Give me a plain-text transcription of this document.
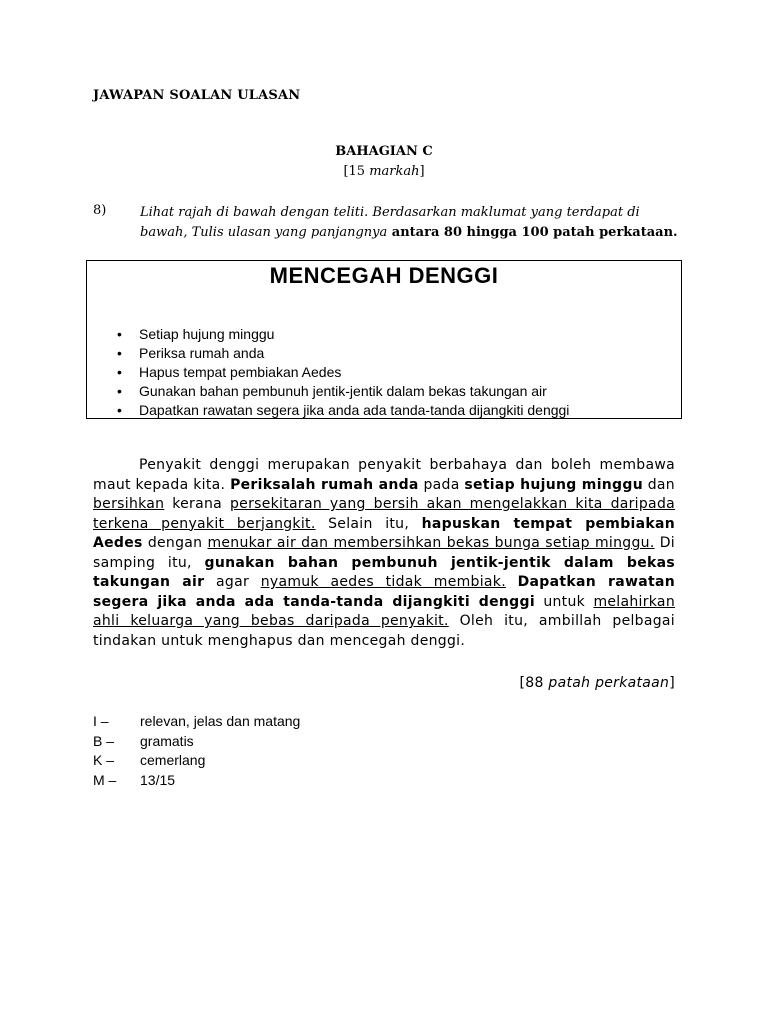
JAWAPAN SOALAN ULASAN
BAHAGIAN C
[15 markah]
8)	Lihat rajah di bawah dengan teliti. Berdasarkan maklumat yang terdapat di bawah, Tulis ulasan yang panjangnya antara 80 hingga 100 patah perkataan.
MENCEGAH DENGGI
• Setiap hujung minggu
• Periksa rumah anda
• Hapus tempat pembiakan Aedes
• Gunakan bahan pembunuh jentik-jentik dalam bekas takungan air
• Dapatkan rawatan segera jika anda ada tanda-tanda dijangkiti denggi

Penyakit denggi merupakan penyakit berbahaya dan boleh membawa maut kepada kita. Periksalah rumah anda pada setiap hujung minggu dan bersihkan kerana persekitaran yang bersih akan mengelakkan kita daripada terkena penyakit berjangkit. Selain itu, hapuskan tempat pembiakan Aedes dengan menukar air dan membersihkan bekas bunga setiap minggu. Di samping itu, gunakan bahan pembunuh jentik-jentik dalam bekas takungan air agar nyamuk aedes tidak membiak. Dapatkan rawatan segera jika anda ada tanda-tanda dijangkiti denggi untuk melahirkan ahli keluarga yang bebas daripada penyakit. Oleh itu, ambillah pelbagai tindakan untuk menghapus dan mencegah denggi.

[88 patah perkataan]
I – relevan, jelas dan matang
B – gramatis
K – cemerlang
M – 13/15
